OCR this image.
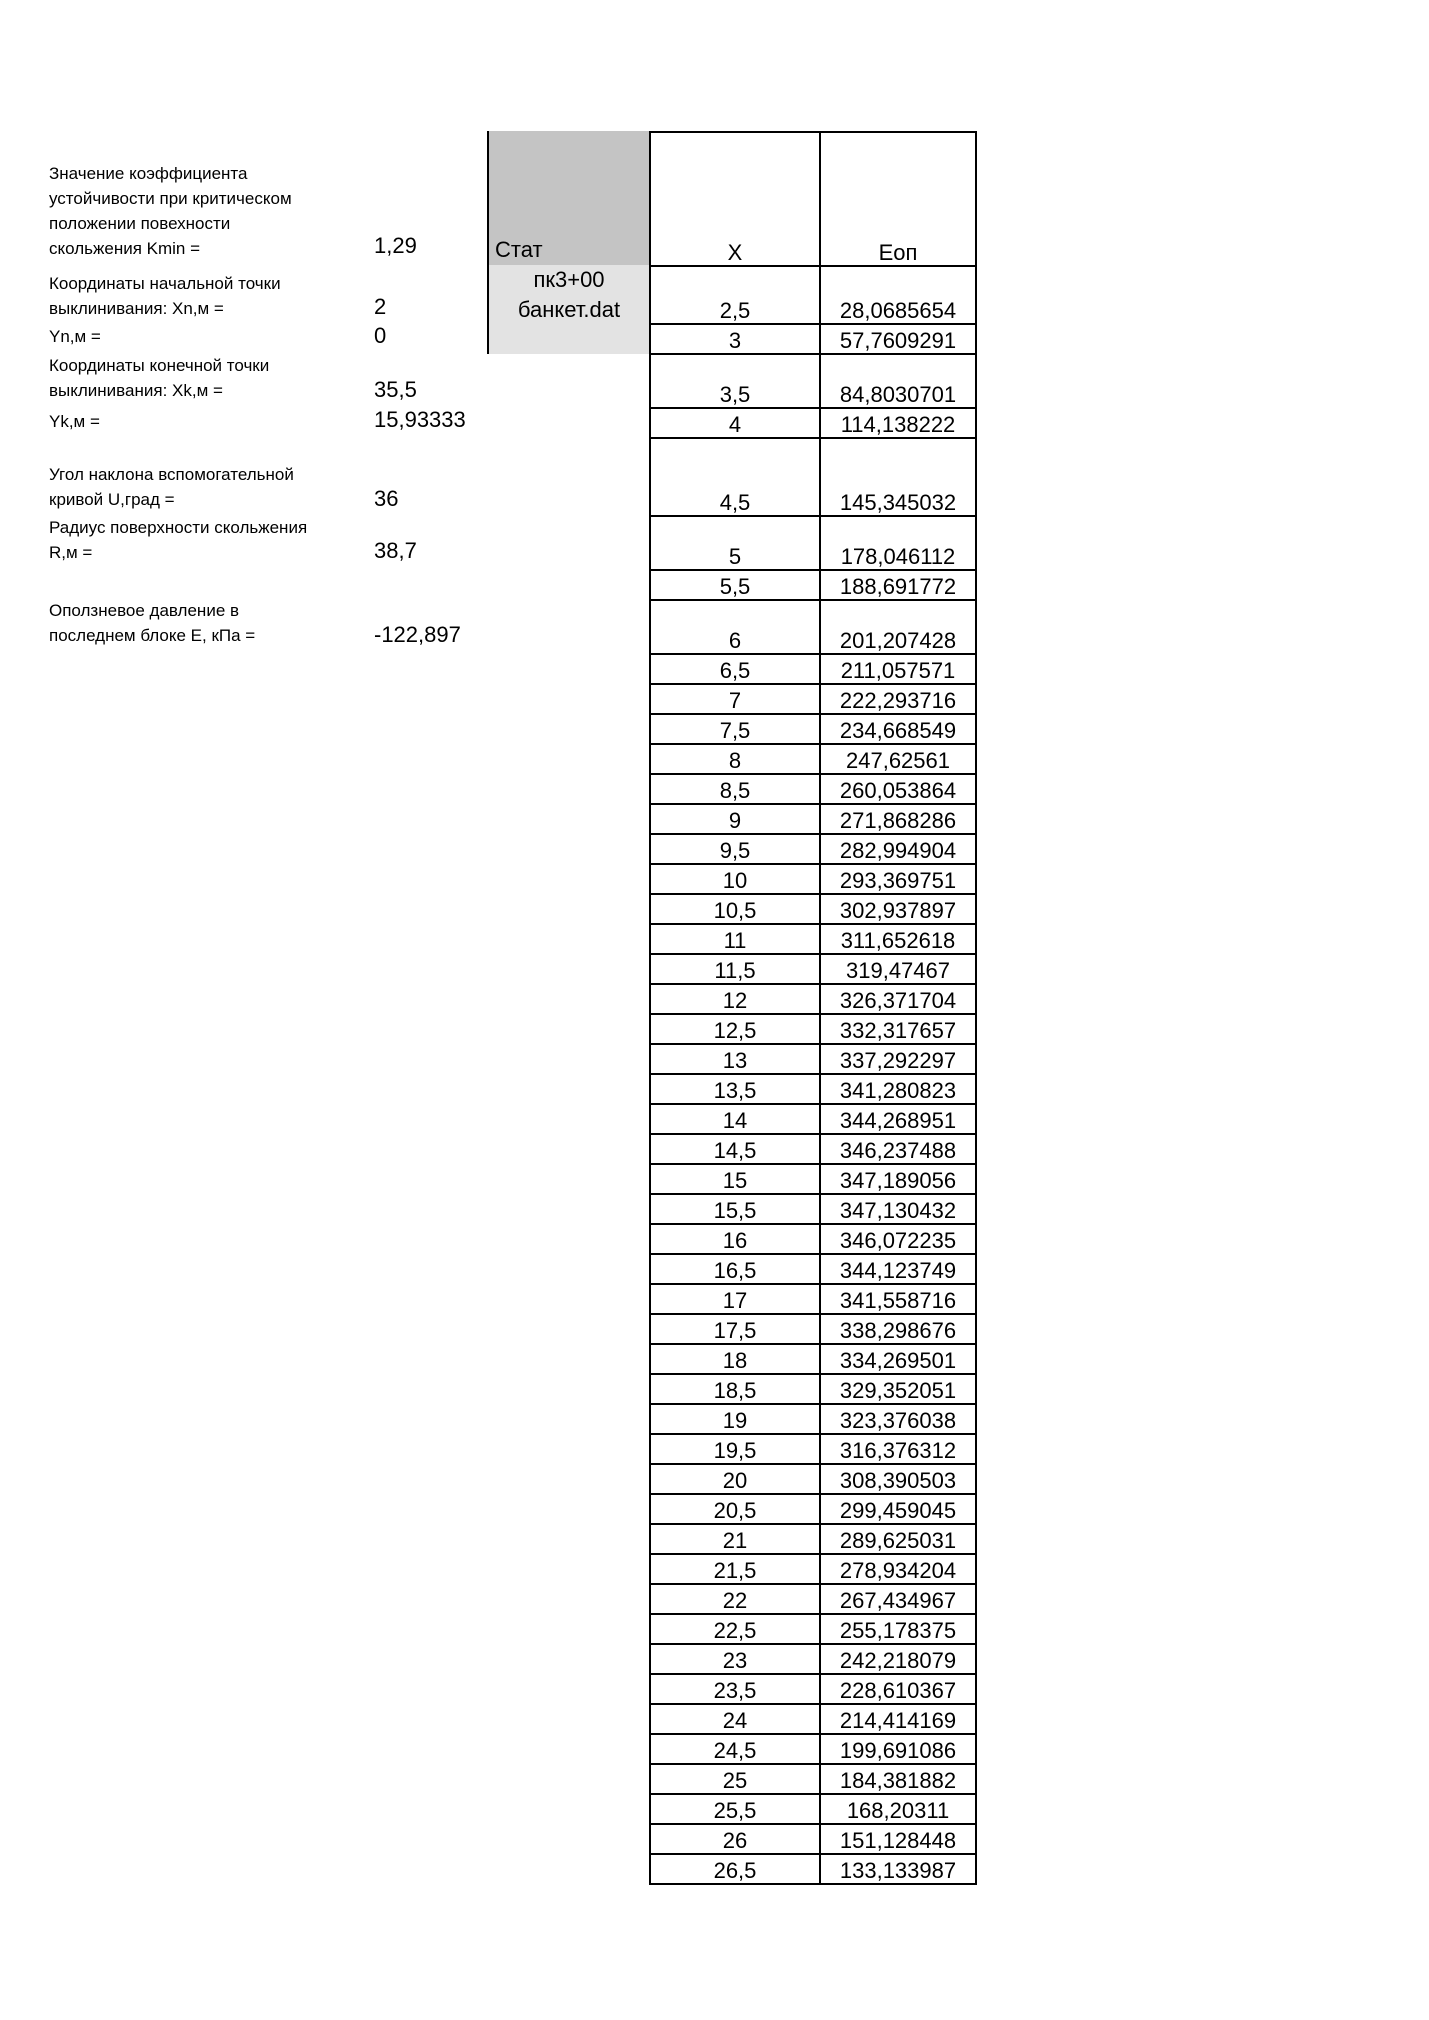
Значение коэффициента
устойчивости при критическом
положении повехности
скольжения Kmin =	1,29
Координаты начальной точки
выклинивания: Xn,м =	2
Yn,м =	0
Координаты конечной точки
выклинивания: Xk,м =	35,5
Yk,м =	15,93333
Угол наклона вспомогательной
кривой U,град =	36
Радиус поверхности скольжения
R,м =	38,7
Оползневое давление в
последнем блоке E, кПа =	-122,897
Стат
пк3+00
банкет.dat
X	Еоп
2,5	28,0685654
3	57,7609291
3,5	84,8030701
4	114,138222
4,5	145,345032
5	178,046112
5,5	188,691772
6	201,207428
6,5	211,057571
7	222,293716
7,5	234,668549
8	247,62561
8,5	260,053864
9	271,868286
9,5	282,994904
10	293,369751
10,5	302,937897
11	311,652618
11,5	319,47467
12	326,371704
12,5	332,317657
13	337,292297
13,5	341,280823
14	344,268951
14,5	346,237488
15	347,189056
15,5	347,130432
16	346,072235
16,5	344,123749
17	341,558716
17,5	338,298676
18	334,269501
18,5	329,352051
19	323,376038
19,5	316,376312
20	308,390503
20,5	299,459045
21	289,625031
21,5	278,934204
22	267,434967
22,5	255,178375
23	242,218079
23,5	228,610367
24	214,414169
24,5	199,691086
25	184,381882
25,5	168,20311
26	151,128448
26,5	133,133987
